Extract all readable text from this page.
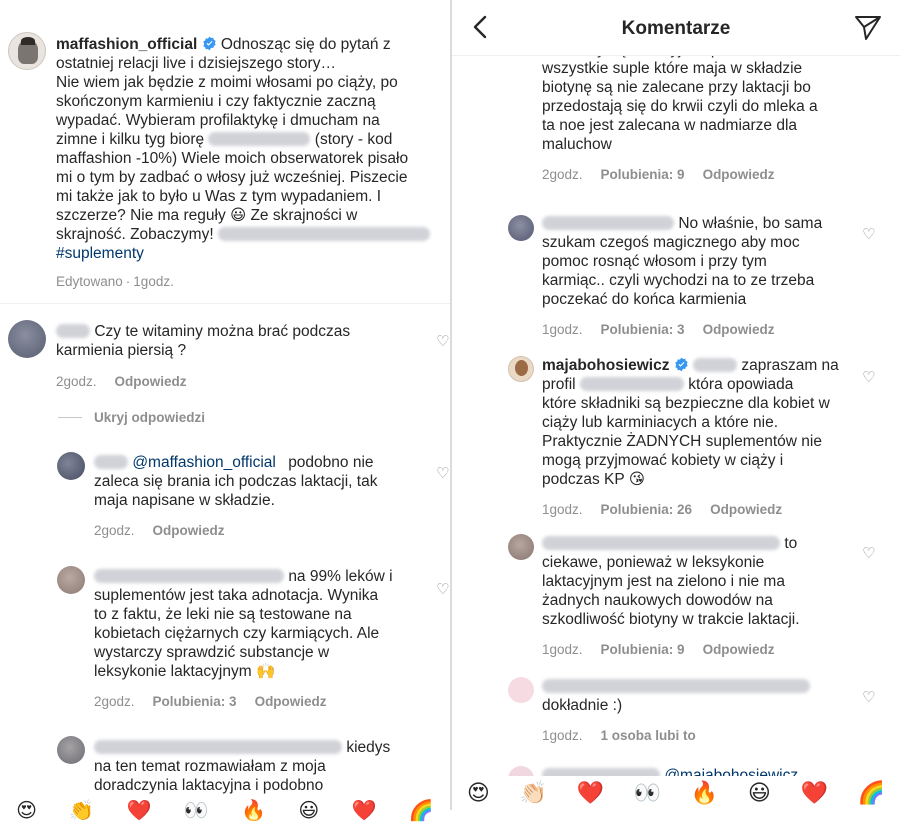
maffashion_official Odnosząc się do pytań z
ostatniej relacji live i dzisiejszego story…
Nie wiem jak będzie z moimi włosami po ciąży, po
skończonym karmieniu i czy faktycznie zaczną
wypadać. Wybieram profilaktykę i dmucham na
zimne i kilku tyg biorę	(story - kod
maffashion -10%) Wiele moich obserwatorek pisało
mi o tym by zadbać o włosy już wcześniej. Piszecie
mi także jak to było u Was z tym wypadaniem. I
szczerze? Nie ma reguły 😃 Ze skrajności w
skrajność. Zobaczymy!
#suplementy
Edytowano · 1godz.
Czy te witaminy można brać podczas
karmienia piersią ?
2godz. Odpowiedz
♡
Ukryj odpowiedzi
@maffashion_official podobno nie
zaleca się brania ich podczas laktacji, tak
maja napisane w składzie.
2godz. Odpowiedz
♡
na 99% leków i
suplementów jest taka adnotacja. Wynika
to z faktu, że leki nie są testowane na
kobietach ciężarnych czy karmiących. Ale
wystarczy sprawdzić substancje w
leksykonie laktacyjnym 🙌
2godz. Polubienia: 3 Odpowiedz
♡
kiedys
na ten temat rozmawiałam z moja
doradczynia laktacyjna i podobno
😍 👏 ❤️ 👀 🔥 😃 ❤️ 🌈
Komentarze
wszystkie suple które maja w składzie
biotynę są nie zalecane przy laktacji bo
przedostają się do krwii czyli do mleka a
ta noe jest zalecana w nadmiarze dla
maluchow
2godz. Polubienia: 9 Odpowiedz
No właśnie, bo sama
szukam czegoś magicznego aby moc
pomoc rosnąć włosom i przy tym
karmiąc.. czyli wychodzi na to ze trzeba
poczekać do końca karmienia
1godz. Polubienia: 3 Odpowiedz
♡
majabohosiewicz	zapraszam na
profil	która opowiada
które składniki są bezpieczne dla kobiet w
ciąży lub karminiacych a które nie.
Praktycznie ŻADNYCH suplementów nie
mogą przyjmować kobiety w ciąży i
podczas KP 😘
1godz. Polubienia: 26 Odpowiedz
♡
to
ciekawe, ponieważ w leksykonie
laktacyjnym jest na zielono i nie ma
żadnych naukowych dowodów na
szkodliwość biotyny w trakcie laktacji.
1godz. Polubienia: 9 Odpowiedz
♡
dokładnie :)
1godz. 1 osoba lubi to
♡
😍 👏🏻 ❤️ 👀 🔥 😃 ❤️ 🌈
